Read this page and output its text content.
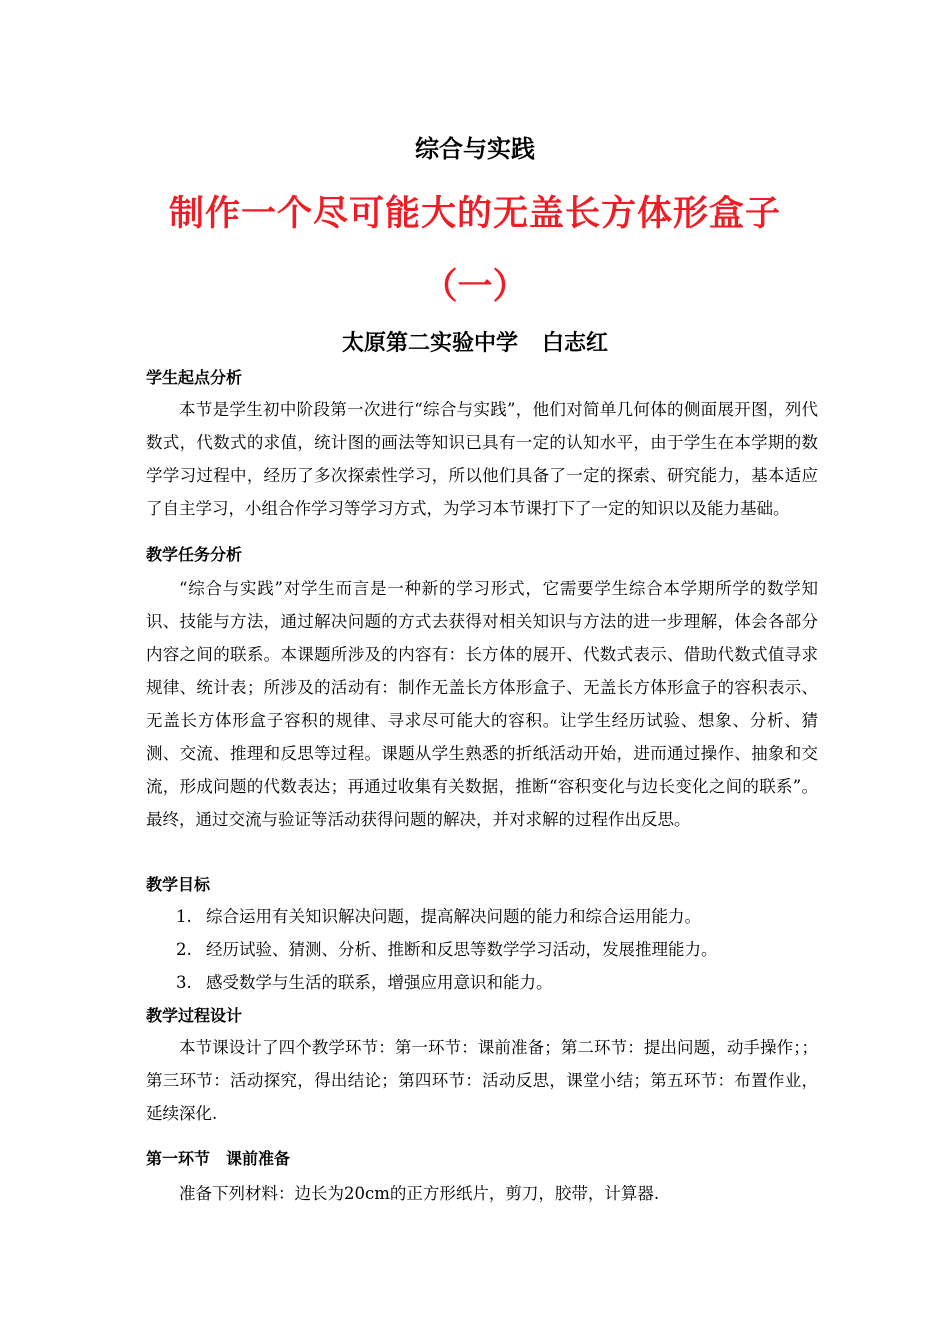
综合与实践
制作一个尽可能大的无盖长方体形盒子
（一）
太原第二实验中学 白志红
学生起点分析

本节是学生初中阶段第一次进行“综合与实践”，他们对简单几何体的侧面展开图，列代数式，代数式的求值，统计图的画法等知识已具有一定的认知水平，由于学生在本学期的数学学习过程中，经历了多次探索性学习，所以他们具备了一定的探索、研究能力，基本适应了自主学习，小组合作学习等学习方式，为学习本节课打下了一定的知识以及能力基础。

教学任务分析

“综合与实践”对学生而言是一种新的学习形式，它需要学生综合本学期所学的数学知识、技能与方法，通过解决问题的方式去获得对相关知识与方法的进一步理解，体会各部分内容之间的联系。本课题所涉及的内容有：长方体的展开、代数式表示、借助代数式值寻求规律、统计表；所涉及的活动有：制作无盖长方体形盒子、无盖长方体形盒子的容积表示、无盖长方体形盒子容积的规律、寻求尽可能大的容积。让学生经历试验、想象、分析、猜测、交流、推理和反思等过程。课题从学生熟悉的折纸活动开始，进而通过操作、抽象和交流，形成问题的代数表达；再通过收集有关数据，推断“容积变化与边长变化之间的联系”。最终，通过交流与验证等活动获得问题的解决，并对求解的过程作出反思。

教学目标
1. 综合运用有关知识解决问题，提高解决问题的能力和综合运用能力。
2. 经历试验、猜测、分析、推断和反思等数学学习活动，发展推理能力。
3. 感受数学与生活的联系，增强应用意识和能力。
教学过程设计

本节课设计了四个教学环节：第一环节：课前准备；第二环节：提出问题，动手操作；；第三环节：活动探究，得出结论；第四环节：活动反思，课堂小结；第五环节：布置作业，延续深化.

第一环节 课前准备

准备下列材料：边长为20cm的正方形纸片，剪刀，胶带，计算器.
